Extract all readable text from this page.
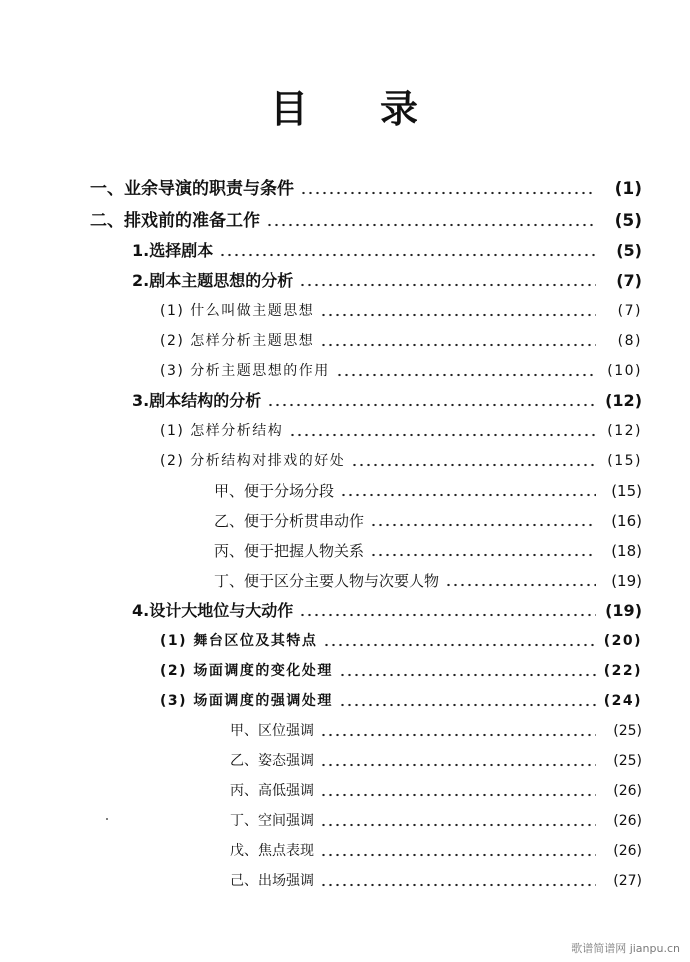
目 录
一、业余导演的职责与条件	(1)
二、排戏前的准备工作	(5)
1.选择剧本	(5)
2.剧本主题思想的分析	(7)
(1) 什么叫做主题思想	(7)
(2) 怎样分析主题思想	(8)
(3) 分析主题思想的作用	(10)
3.剧本结构的分析	(12)
(1) 怎样分析结构	(12)
(2) 分析结构对排戏的好处	(15)
甲、便于分场分段	(15)
乙、便于分析贯串动作	(16)
丙、便于把握人物关系	(18)
丁、便于区分主要人物与次要人物	(19)
4.设计大地位与大动作	(19)
(1) 舞台区位及其特点	(20)
(2) 场面调度的变化处理	(22)
(3) 场面调度的强调处理	(24)
甲、区位强调	(25)
乙、姿态强调	(25)
丙、高低强调	(26)
丁、空间强调	(26)
戊、焦点表现	(26)
己、出场强调	(27)
歌谱简谱网 jianpu.cn
